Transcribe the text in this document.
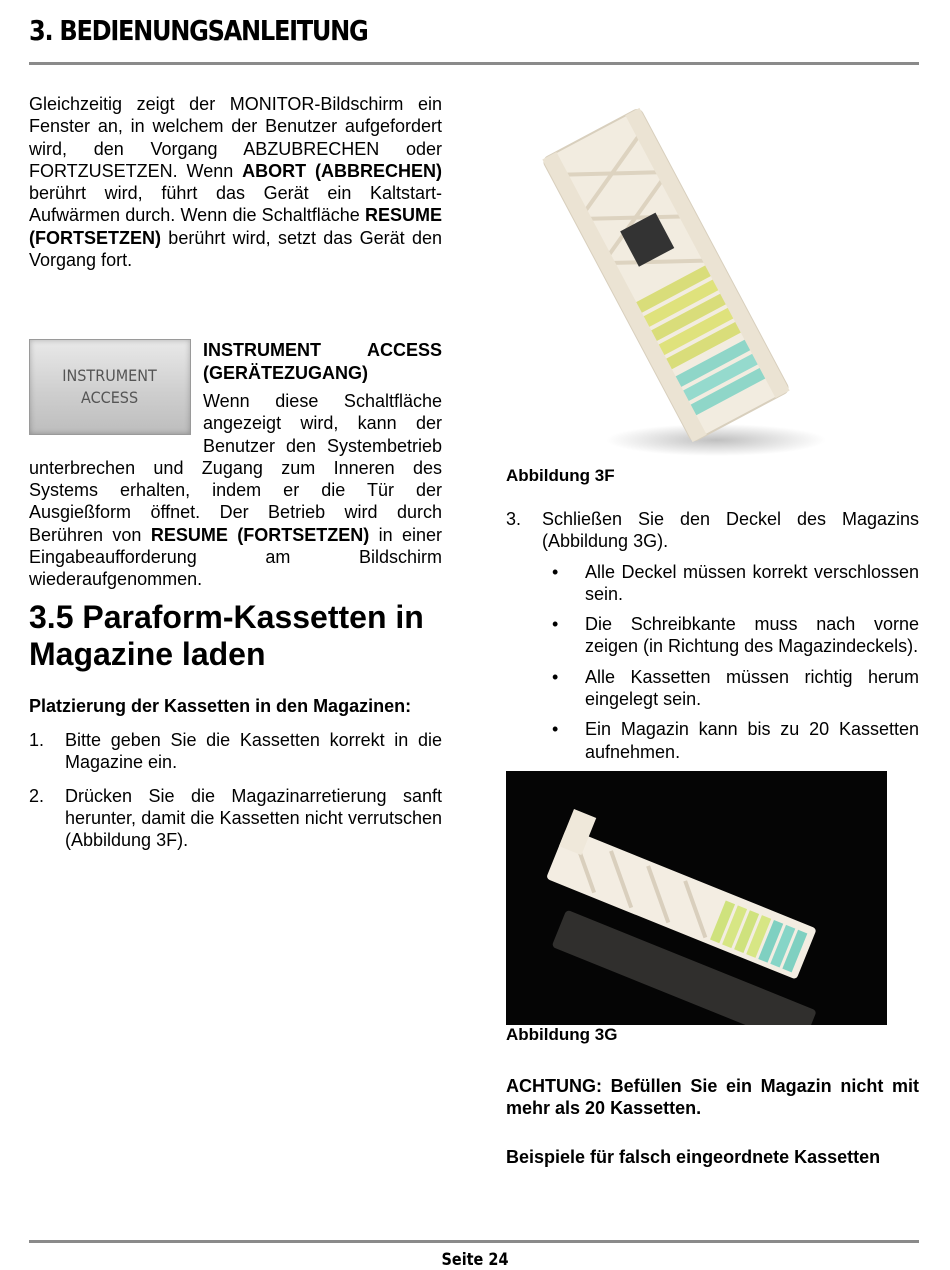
3. BEDIENUNGSANLEITUNG

Gleichzeitig zeigt der MONITOR-Bildschirm ein Fenster an, in welchem der Benutzer aufgefordert wird, den Vorgang ABZUBRECHEN oder FORTZUSETZEN. Wenn ABORT (ABBRECHEN) berührt wird, führt das Gerät ein Kaltstart-Aufwärmen durch. Wenn die Schaltfläche RESUME (FORTSETZEN) berührt wird, setzt das Gerät den Vorgang fort.

INSTRUMENT
ACCESS

INSTRUMENT ACCESS (GERÄTEZUGANG)

Wenn diese Schaltfläche angezeigt wird, kann der Benutzer den Systembetrieb unterbrechen und Zugang zum Inneren des Systems erhalten, indem er die Tür der Ausgießform öffnet. Der Betrieb wird durch Berühren von RESUME (FORTSETZEN) in einer Eingabeaufforderung am Bildschirm wiederaufgenommen.

3.5 Paraform-Kassetten in Magazine laden

Platzierung der Kassetten in den Magazinen:

1. Bitte geben Sie die Kassetten korrekt in die Magazine ein.
2. Drücken Sie die Magazinarretierung sanft herunter, damit die Kassetten nicht verrutschen (Abbildung 3F).
Abbildung 3F
3. Schließen Sie den Deckel des Magazins (Abbildung 3G).
• Alle Deckel müssen korrekt verschlossen sein.
• Die Schreibkante muss nach vorne zeigen (in Richtung des Magazindeckels).
• Alle Kassetten müssen richtig herum eingelegt sein.
• Ein Magazin kann bis zu 20 Kassetten aufnehmen.
Abbildung 3G

ACHTUNG: Befüllen Sie ein Magazin nicht mit mehr als 20 Kassetten.

Beispiele für falsch eingeordnete Kassetten

Seite 24
